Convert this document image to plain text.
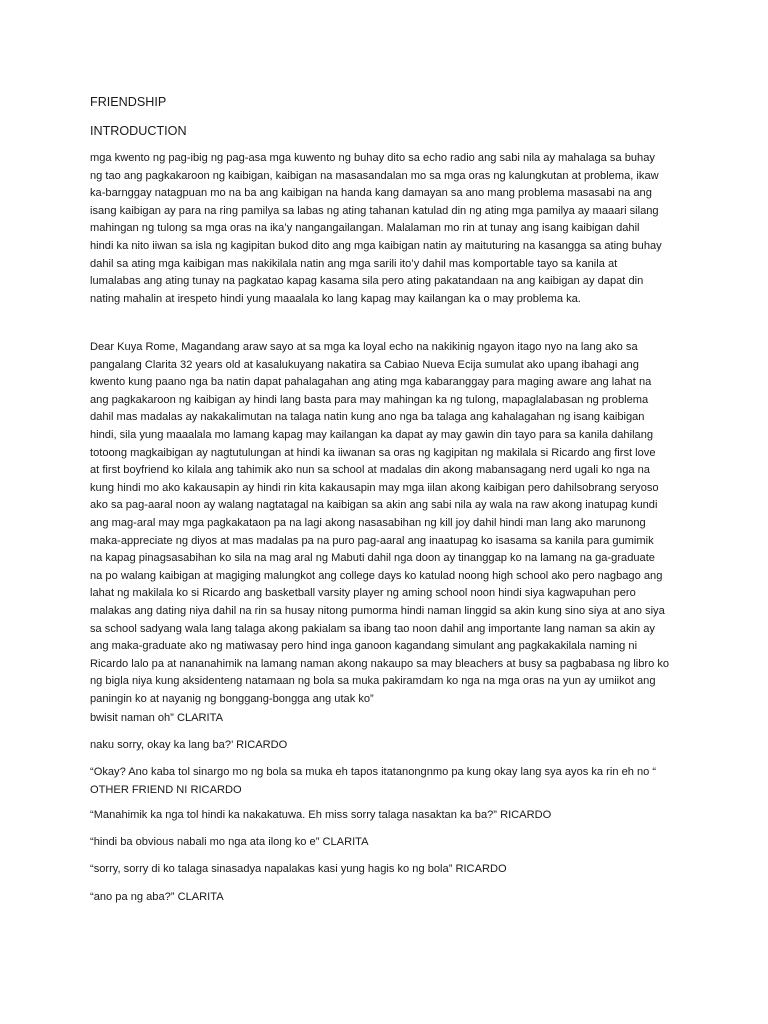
FRIENDSHIP
INTRODUCTION
mga kwento ng pag-ibig ng pag-asa mga kuwento ng buhay dito sa echo radio ang sabi nila ay mahalaga sa buhay
ng tao ang pagkakaroon ng kaibigan, kaibigan na masasandalan mo sa mga oras ng kalungkutan at problema, ikaw
ka-barnggay natagpuan mo na ba ang kaibigan na handa kang damayan sa ano mang problema masasabi na ang
isang kaibigan ay para na ring pamilya sa labas ng ating tahanan katulad din ng ating mga pamilya ay maaari silang
mahingan ng tulong sa mga oras na ika’y nangangailangan. Malalaman mo rin at tunay ang isang kaibigan dahil
hindi ka nito iiwan sa isla ng kagipitan bukod dito ang mga kaibigan natin ay maituturing na kasangga sa ating buhay
dahil sa ating mga kaibigan mas nakikilala natin ang mga sarili ito’y dahil mas komportable tayo sa kanila at
lumalabas ang ating tunay na pagkatao kapag kasama sila pero ating pakatandaan na ang kaibigan ay dapat din
nating mahalin at irespeto hindi yung maaalala ko lang kapag may kailangan ka o may problema ka.
Dear Kuya Rome, Magandang araw sayo at sa mga ka loyal echo na nakikinig ngayon itago nyo na lang ako sa
pangalang Clarita 32 years old at kasalukuyang nakatira sa Cabiao Nueva Ecija sumulat ako upang ibahagi ang
kwento kung paano nga ba natin dapat pahalagahan ang ating mga kabaranggay para maging aware ang lahat na
ang pagkakaroon ng kaibigan ay hindi lang basta para may mahingan ka ng tulong, mapaglalabasan ng problema
dahil mas madalas ay nakakalimutan na talaga natin kung ano nga ba talaga ang kahalagahan ng isang kaibigan
hindi, sila yung maaalala mo lamang kapag may kailangan ka dapat ay may gawin din tayo para sa kanila dahilang
totoong magkaibigan ay nagtutulungan at hindi ka iiwanan sa oras ng kagipitan ng makilala si Ricardo ang first love
at first boyfriend ko kilala ang tahimik ako nun sa school at madalas din akong mabansagang nerd ugali ko nga na
kung hindi mo ako kakausapin ay hindi rin kita kakausapin may mga iilan akong kaibigan pero dahilsobrang seryoso
ako sa pag-aaral noon ay walang nagtatagal na kaibigan sa akin ang sabi nila ay wala na raw akong inatupag kundi
ang mag-aral may mga pagkakataon pa na lagi akong nasasabihan ng kill joy dahil hindi man lang ako marunong
maka-appreciate ng diyos at mas madalas pa na puro pag-aaral ang inaatupag ko isasama sa kanila para gumimik
na kapag pinagsasabihan ko sila na mag aral ng Mabuti dahil nga doon ay tinanggap ko na lamang na ga-graduate
na po walang kaibigan at magiging malungkot ang college days ko katulad noong high school ako pero nagbago ang
lahat ng makilala ko si Ricardo ang basketball varsity player ng aming school noon hindi siya kagwapuhan pero
malakas ang dating niya dahil na rin sa husay nitong pumorma hindi naman linggid sa akin kung sino siya at ano siya
sa school sadyang wala lang talaga akong pakialam sa ibang tao noon dahil ang importante lang naman sa akin ay
ang maka-graduate ako ng matiwasay pero hind inga ganoon kagandang simulant ang pagkakakilala naming ni
Ricardo lalo pa at nananahimik na lamang naman akong nakaupo sa may bleachers at busy sa pagbabasa ng libro ko
ng bigla niya kung aksidenteng natamaan ng bola sa muka pakiramdam ko nga na mga oras na yun ay umiikot ang
paningin ko at nayanig ng bonggang-bongga ang utak ko”
bwisit naman oh” CLARITA
naku sorry, okay ka lang ba?’ RICARDO
“Okay? Ano kaba tol sinargo mo ng bola sa muka eh tapos itatanongnmo pa kung okay lang sya ayos ka rin eh no “
OTHER FRIEND NI RICARDO
“Manahimik ka nga tol hindi ka nakakatuwa. Eh miss sorry talaga nasaktan ka ba?” RICARDO
“hindi ba obvious nabali mo nga ata ilong ko e” CLARITA
“sorry, sorry di ko talaga sinasadya napalakas kasi yung hagis ko ng bola” RICARDO
“ano pa ng aba?” CLARITA
